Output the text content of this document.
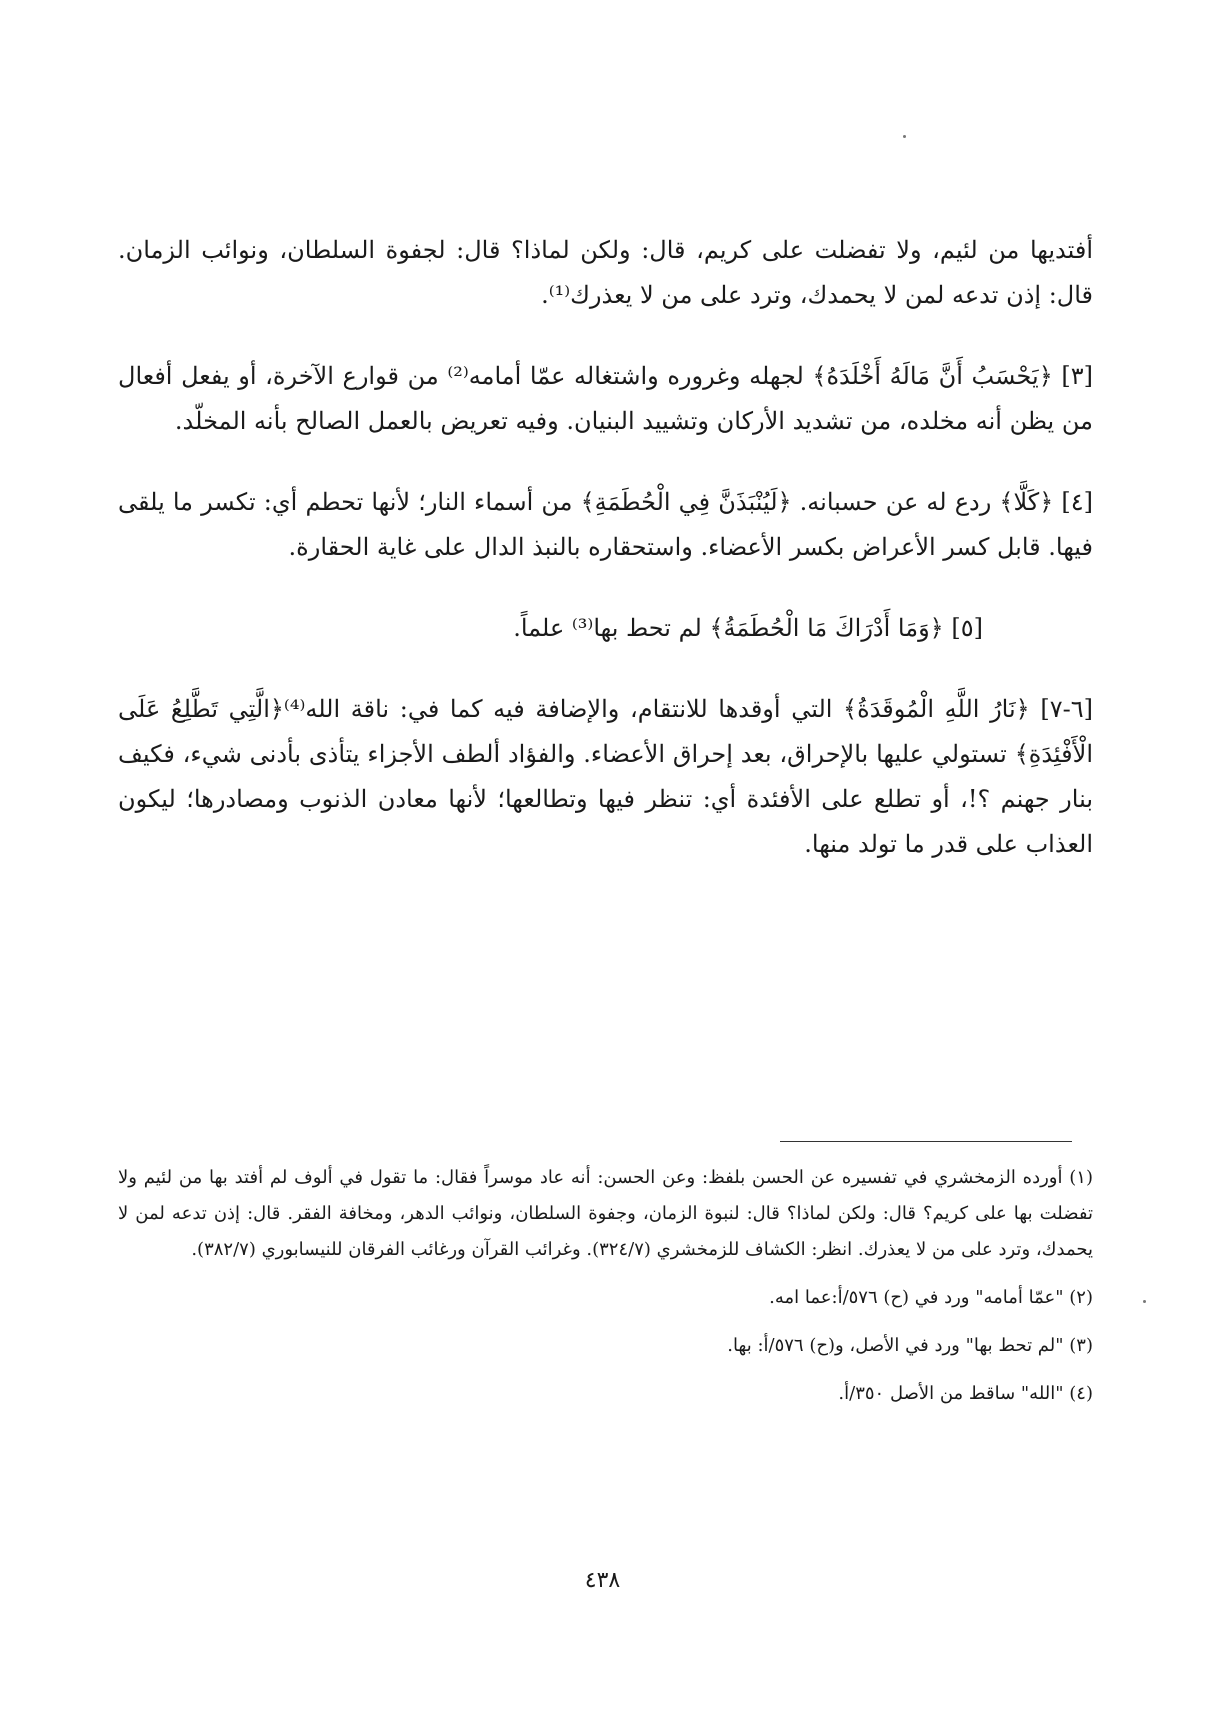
أفتديها من لئيم، ولا تفضلت على كريم، قال: ولكن لماذا؟ قال: لجفوة السلطان، ونوائب الزمان. قال: إذن تدعه لمن لا يحمدك، وترد على من لا يعذرك⁽¹⁾.

[٣] ﴿يَحْسَبُ أَنَّ مَالَهُ أَخْلَدَهُ﴾ لجهله وغروره واشتغاله عمّا أمامه⁽²⁾ من قوارع الآخرة، أو يفعل أفعال من يظن أنه مخلده، من تشديد الأركان وتشييد البنيان. وفيه تعريض بالعمل الصالح بأنه المخلّد.

[٤] ﴿كَلَّا﴾ ردع له عن حسبانه. ﴿لَيُنْبَذَنَّ فِي الْحُطَمَةِ﴾ من أسماء النار؛ لأنها تحطم أي: تكسر ما يلقى فيها. قابل كسر الأعراض بكسر الأعضاء. واستحقاره بالنبذ الدال على غاية الحقارة.

[٥] ﴿وَمَا أَدْرَاكَ مَا الْحُطَمَةُ﴾ لم تحط بها⁽³⁾ علماً.

[٦-٧] ﴿نَارُ اللَّهِ الْمُوقَدَةُ﴾ التي أوقدها للانتقام، والإضافة فيه كما في: ناقة الله⁽⁴⁾﴿الَّتِي تَطَّلِعُ عَلَى الْأَفْئِدَةِ﴾ تستولي عليها بالإحراق، بعد إحراق الأعضاء. والفؤاد ألطف الأجزاء يتأذى بأدنى شيء، فكيف بنار جهنم ؟!، أو تطلع على الأفئدة أي: تنظر فيها وتطالعها؛ لأنها معادن الذنوب ومصادرها؛ ليكون العذاب على قدر ما تولد منها.

(١) أورده الزمخشري في تفسيره عن الحسن بلفظ: وعن الحسن: أنه عاد موسراً فقال: ما تقول في ألوف لم أفتد بها من لئيم ولا تفضلت بها على كريم؟ قال: ولكن لماذا؟ قال: لنبوة الزمان، وجفوة السلطان، ونوائب الدهر، ومخافة الفقر. قال: إذن تدعه لمن لا يحمدك، وترد على من لا يعذرك. انظر: الكشاف للزمخشري (٣٢٤/٧). وغرائب القرآن ورغائب الفرقان للنيسابوري (٣٨٢/٧).

(٢) "عمّا أمامه" ورد في (ح) ٥٧٦/أ:عما امه.

(٣) "لم تحط بها" ورد في الأصل، و(ح) ٥٧٦/أ: بها.

(٤) "الله" ساقط من الأصل ٣٥٠/أ.

٤٣٨
